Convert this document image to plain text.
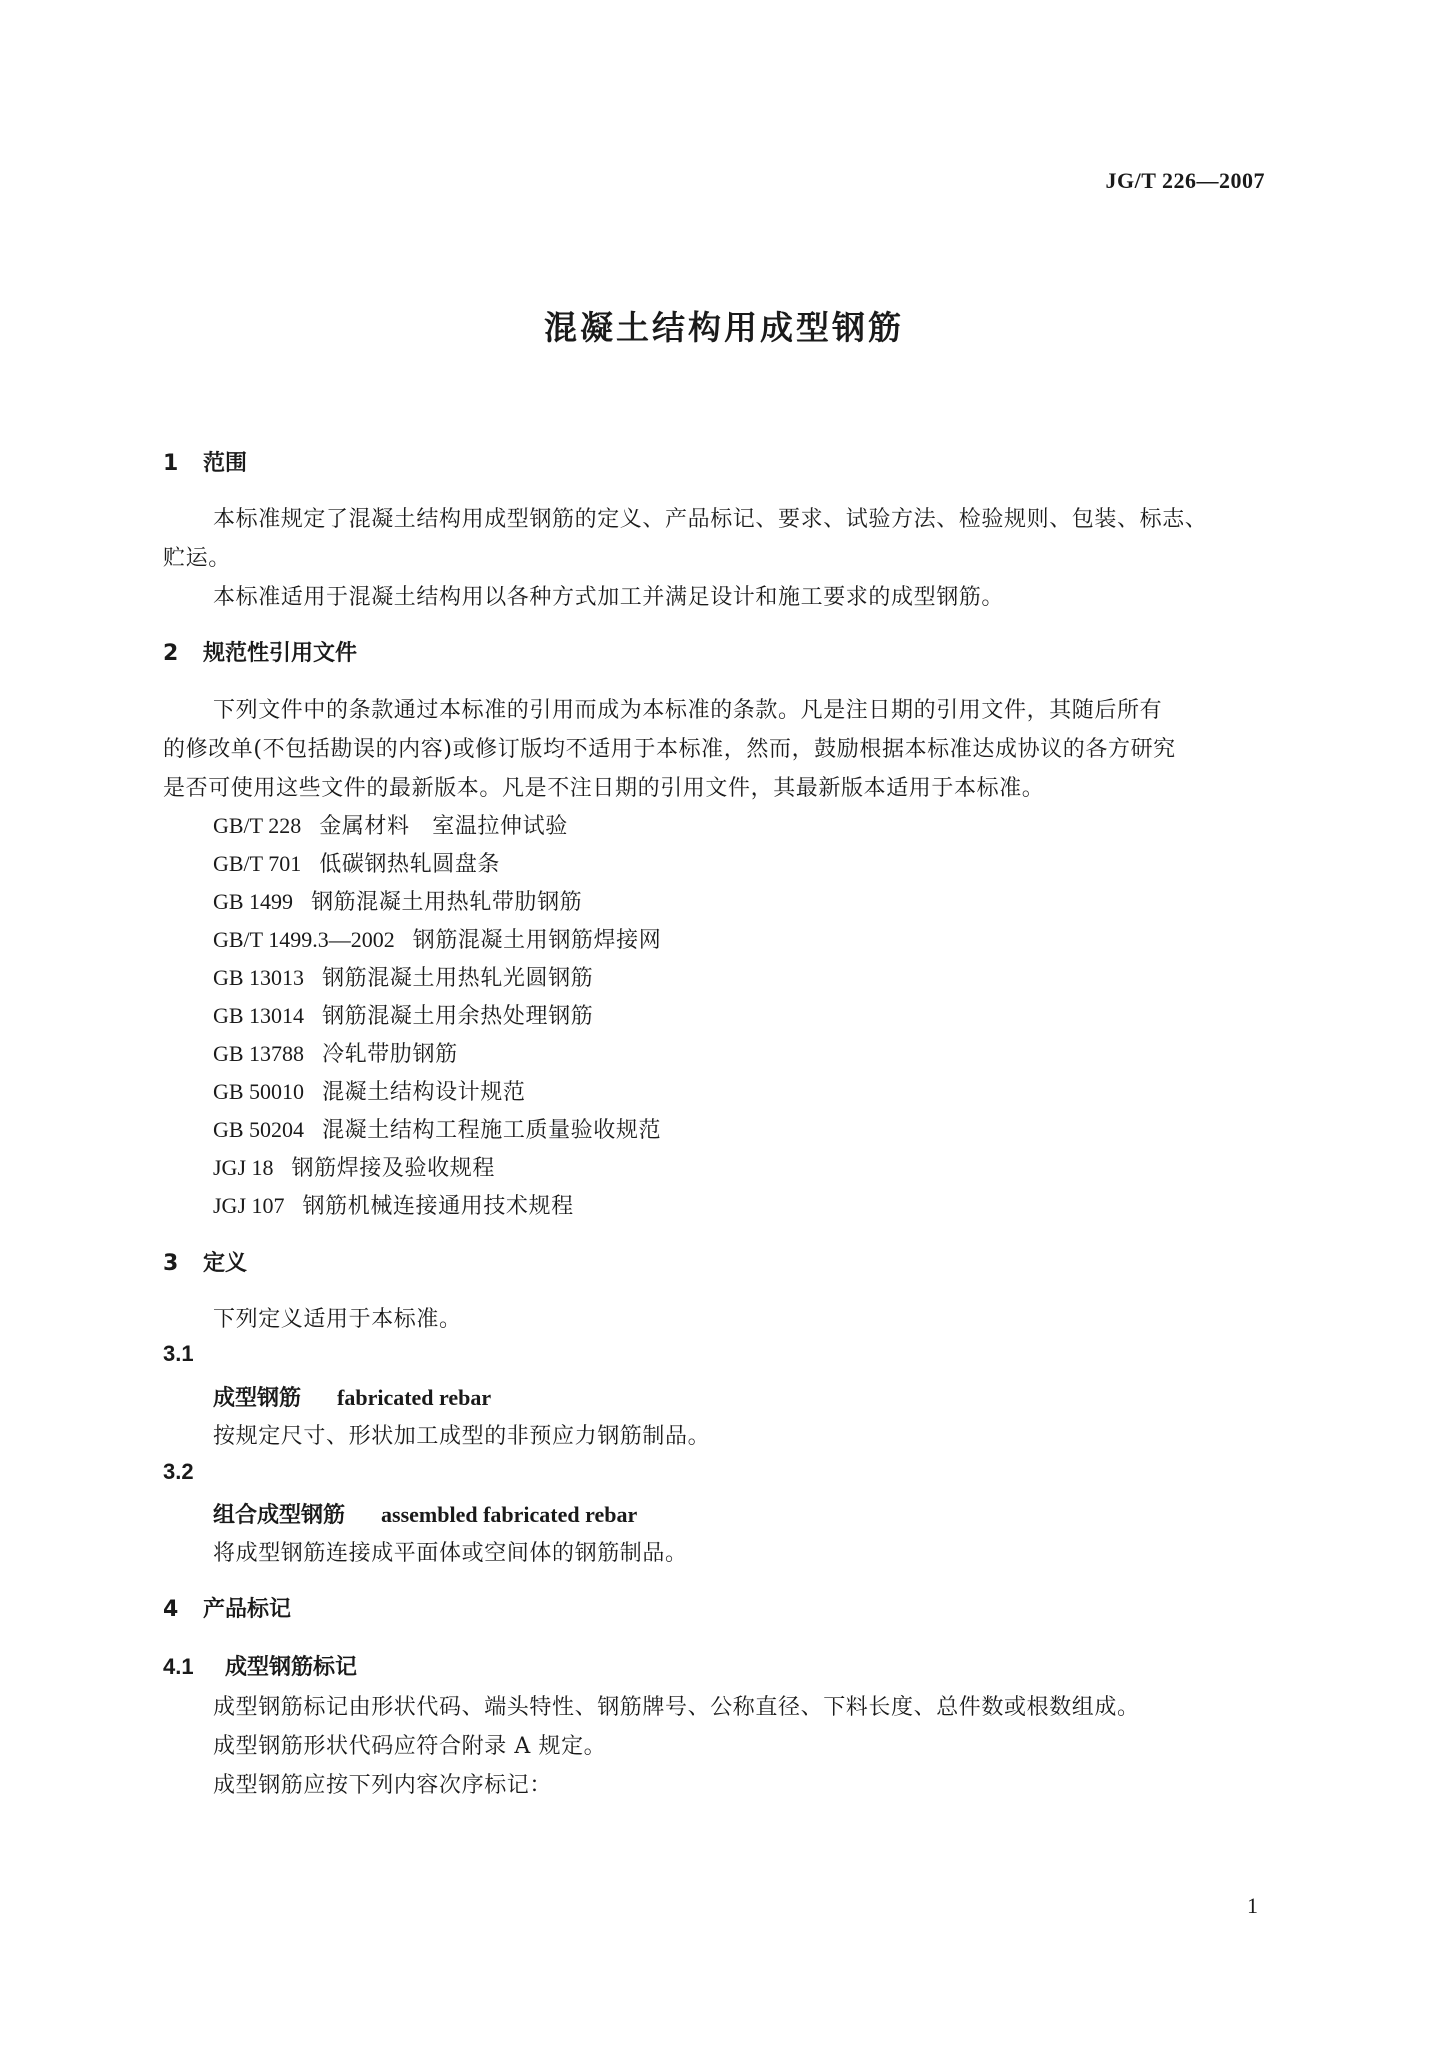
JG/T 226—2007
混凝土结构用成型钢筋
1 范围
本标准规定了混凝土结构用成型钢筋的定义、产品标记、要求、试验方法、检验规则、包装、标志、
贮运。
本标准适用于混凝土结构用以各种方式加工并满足设计和施工要求的成型钢筋。
2 规范性引用文件
下列文件中的条款通过本标准的引用而成为本标准的条款。凡是注日期的引用文件，其随后所有
的修改单(不包括勘误的内容)或修订版均不适用于本标准，然而，鼓励根据本标准达成协议的各方研究
是否可使用这些文件的最新版本。凡是不注日期的引用文件，其最新版本适用于本标准。
GB/T 228 金属材料　室温拉伸试验
GB/T 701 低碳钢热轧圆盘条
GB 1499 钢筋混凝土用热轧带肋钢筋
GB/T 1499.3—2002 钢筋混凝土用钢筋焊接网
GB 13013 钢筋混凝土用热轧光圆钢筋
GB 13014 钢筋混凝土用余热处理钢筋
GB 13788 冷轧带肋钢筋
GB 50010 混凝土结构设计规范
GB 50204 混凝土结构工程施工质量验收规范
JGJ 18 钢筋焊接及验收规程
JGJ 107 钢筋机械连接通用技术规程
3 定义
下列定义适用于本标准。
3.1
成型钢筋 fabricated rebar
按规定尺寸、形状加工成型的非预应力钢筋制品。
3.2
组合成型钢筋 assembled fabricated rebar
将成型钢筋连接成平面体或空间体的钢筋制品。
4 产品标记
4.1 成型钢筋标记
成型钢筋标记由形状代码、端头特性、钢筋牌号、公称直径、下料长度、总件数或根数组成。
成型钢筋形状代码应符合附录 A 规定。
成型钢筋应按下列内容次序标记：
1
